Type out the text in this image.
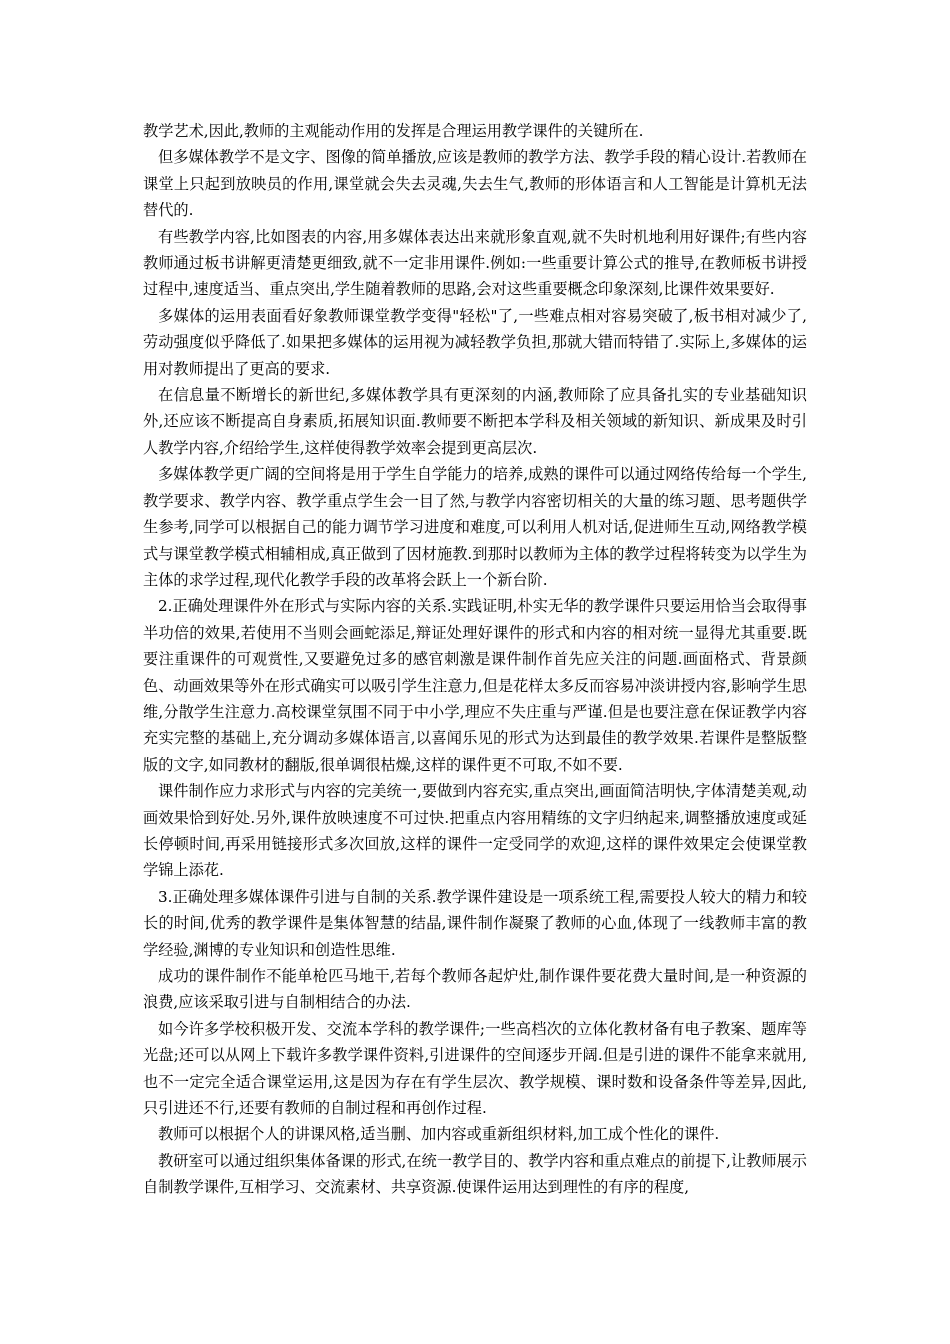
教学艺术,因此,教师的主观能动作用的发挥是合理运用教学课件的关键所在.

但多媒体教学不是文字、图像的简单播放,应该是教师的教学方法、教学手段的精心设计.若教师在课堂上只起到放映员的作用,课堂就会失去灵魂,失去生气,教师的形体语言和人工智能是计算机无法替代的.

有些教学内容,比如图表的内容,用多媒体表达出来就形象直观,就不失时机地利用好课件;有些内容教师通过板书讲解更清楚更细致,就不一定非用课件.例如:一些重要计算公式的推导,在教师板书讲授过程中,速度适当、重点突出,学生随着教师的思路,会对这些重要概念印象深刻,比课件效果要好.

多媒体的运用表面看好象教师课堂教学变得"轻松"了,一些难点相对容易突破了,板书相对减少了,劳动强度似乎降低了.如果把多媒体的运用视为减轻教学负担,那就大错而特错了.实际上,多媒体的运用对教师提出了更高的要求.

在信息量不断增长的新世纪,多媒体教学具有更深刻的内涵,教师除了应具备扎实的专业基础知识外,还应该不断提高自身素质,拓展知识面.教师要不断把本学科及相关领域的新知识、新成果及时引人教学内容,介绍给学生,这样使得教学效率会提到更高层次.

多媒体教学更广阔的空间将是用于学生自学能力的培养,成熟的课件可以通过网络传给每一个学生,教学要求、教学内容、教学重点学生会一目了然,与教学内容密切相关的大量的练习题、思考题供学生参考,同学可以根据自己的能力调节学习进度和难度,可以利用人机对话,促进师生互动,网络教学模式与课堂教学模式相辅相成,真正做到了因材施教.到那时以教师为主体的教学过程将转变为以学生为主体的求学过程,现代化教学手段的改革将会跃上一个新台阶.

2.正确处理课件外在形式与实际内容的关系.实践证明,朴实无华的教学课件只要运用恰当会取得事半功倍的效果,若使用不当则会画蛇添足,辩证处理好课件的形式和内容的相对统一显得尤其重要.既要注重课件的可观赏性,又要避免过多的感官刺激是课件制作首先应关注的问题.画面格式、背景颜色、动画效果等外在形式确实可以吸引学生注意力,但是花样太多反而容易冲淡讲授内容,影响学生思维,分散学生注意力.高校课堂氛围不同于中小学,理应不失庄重与严谨.但是也要注意在保证教学内容充实完整的基础上,充分调动多媒体语言,以喜闻乐见的形式为达到最佳的教学效果.若课件是整版整版的文字,如同教材的翻版,很单调很枯燥,这样的课件更不可取,不如不要.

课件制作应力求形式与内容的完美统一,要做到内容充实,重点突出,画面简洁明快,字体清楚美观,动画效果恰到好处.另外,课件放映速度不可过快.把重点内容用精练的文字归纳起来,调整播放速度或延长停顿时间,再采用链接形式多次回放,这样的课件一定受同学的欢迎,这样的课件效果定会使课堂教学锦上添花.

3.正确处理多媒体课件引进与自制的关系.教学课件建设是一项系统工程,需要投人较大的精力和较长的时间,优秀的教学课件是集体智慧的结晶,课件制作凝聚了教师的心血,体现了一线教师丰富的教学经验,渊博的专业知识和创造性思维.

成功的课件制作不能单枪匹马地干,若每个教师各起炉灶,制作课件要花费大量时间,是一种资源的浪费,应该采取引进与自制相结合的办法.

如今许多学校积极开发、交流本学科的教学课件;一些高档次的立体化教材备有电子教案、题库等光盘;还可以从网上下载许多教学课件资料,引进课件的空间逐步开阔.但是引进的课件不能拿来就用,也不一定完全适合课堂运用,这是因为存在有学生层次、教学规模、课时数和设备条件等差异,因此,只引进还不行,还要有教师的自制过程和再创作过程.

教师可以根据个人的讲课风格,适当删、加内容或重新组织材料,加工成个性化的课件.

教研室可以通过组织集体备课的形式,在统一教学目的、教学内容和重点难点的前提下,让教师展示自制教学课件,互相学习、交流素材、共享资源.使课件运用达到理性的有序的程度,
